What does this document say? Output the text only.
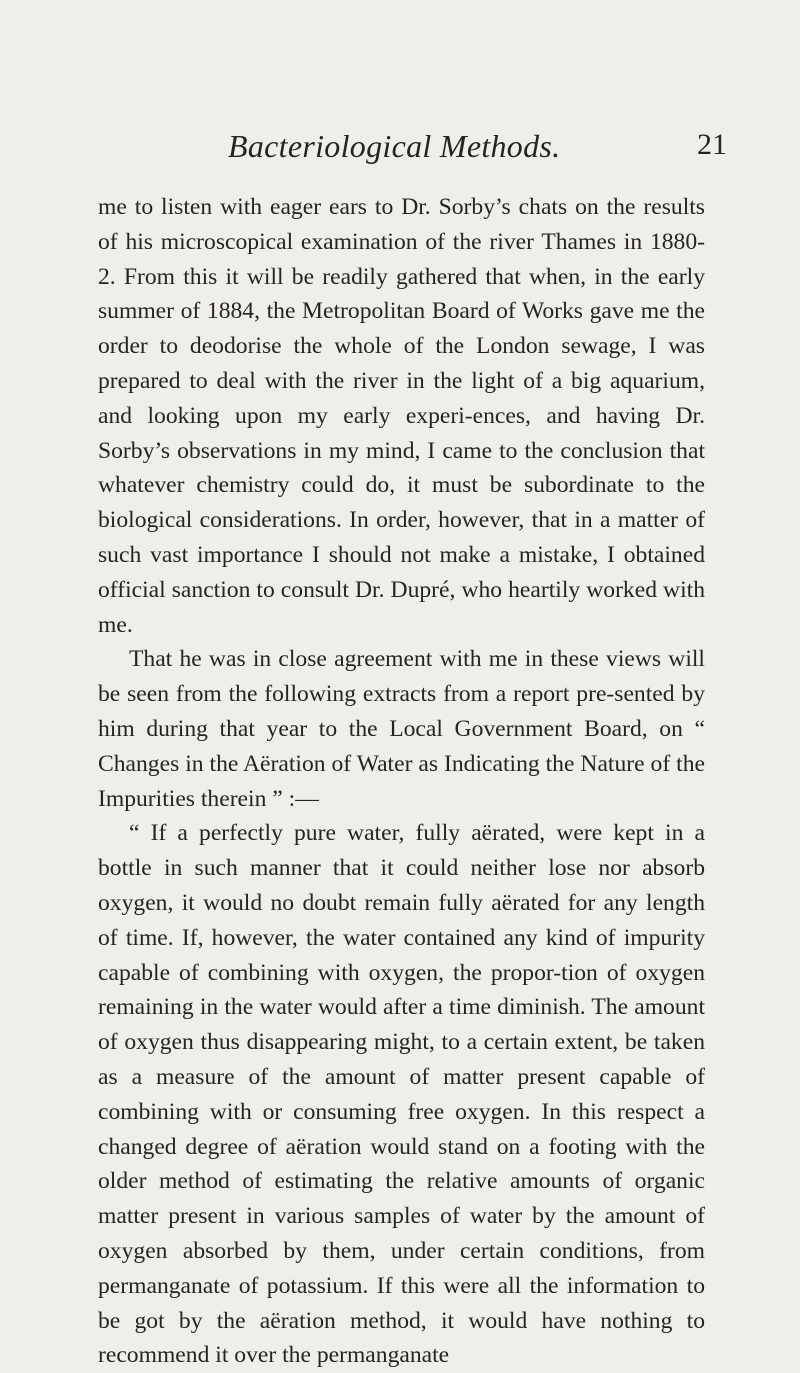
Bacteriological Methods.	21

me to listen with eager ears to Dr. Sorby’s chats on the results of his microscopical examination of the river Thames in 1880-2. From this it will be readily gathered that when, in the early summer of 1884, the Metropolitan Board of Works gave me the order to deodorise the whole of the London sewage, I was prepared to deal with the river in the light of a big aquarium, and looking upon my early experi-ences, and having Dr. Sorby’s observations in my mind, I came to the conclusion that whatever chemistry could do, it must be subordinate to the biological considerations. In order, however, that in a matter of such vast importance I should not make a mistake, I obtained official sanction to consult Dr. Dupré, who heartily worked with me.

That he was in close agreement with me in these views will be seen from the following extracts from a report pre-sented by him during that year to the Local Government Board, on “ Changes in the Aëration of Water as Indicating the Nature of the Impurities therein ” :—

“ If a perfectly pure water, fully aërated, were kept in a bottle in such manner that it could neither lose nor absorb oxygen, it would no doubt remain fully aërated for any length of time. If, however, the water contained any kind of impurity capable of combining with oxygen, the propor-tion of oxygen remaining in the water would after a time diminish. The amount of oxygen thus disappearing might, to a certain extent, be taken as a measure of the amount of matter present capable of combining with or consuming free oxygen. In this respect a changed degree of aëration would stand on a footing with the older method of estimating the relative amounts of organic matter present in various samples of water by the amount of oxygen absorbed by them, under certain conditions, from permanganate of potassium. If this were all the information to be got by the aëration method, it would have nothing to recommend it over the permanganate
